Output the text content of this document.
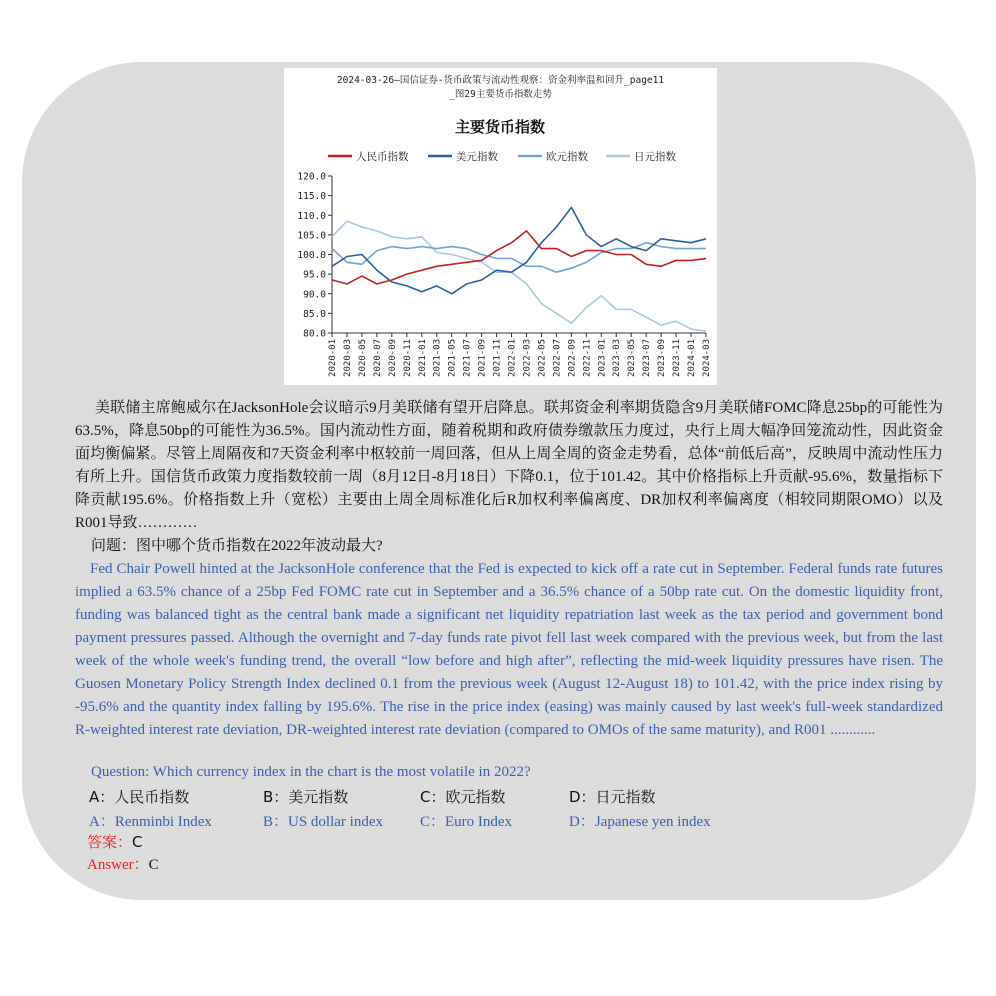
2024-03-26—国信证券-货币政策与流动性观察：资金利率温和回升_page11
_图29主要货币指数走势
主要货币指数
人民币指数	美元指数	欧元指数	日元指数
120.0
115.0
110.0
105.0
100.0
95.0
90.0
85.0
80.0
2020-01 2020-03 2020-05 2020-07 2020-09 2020-11 2021-01 2021-03 2021-05 2021-07 2021-09 2021-11 2022-01 2022-03 2022-05 2022-07 2022-09 2022-11 2023-01 2023-03 2023-05 2023-07 2023-09 2023-11 2024-01 2024-03
美联储主席鲍威尔在JacksonHole会议暗示9月美联储有望开启降息。联邦资金利率期货隐含9月美联储FOMC降息25bp的可能性为63.5%，降息50bp的可能性为36.5%。国内流动性方面，随着税期和政府债券缴款压力度过，央行上周大幅净回笼流动性，因此资金面均衡偏紧。尽管上周隔夜和7天资金利率中枢较前一周回落，但从上周全周的资金走势看，总体“前低后高”，反映周中流动性压力有所上升。国信货币政策力度指数较前一周（8月12日-8月18日）下降0.1，位于101.42。其中价格指标上升贡献-95.6%，数量指标下降贡献195.6%。价格指数上升（宽松）主要由上周全周标准化后R加权利率偏离度、DR加权利率偏离度（相较同期限OMO）以及R001导致…………
问题：图中哪个货币指数在2022年波动最大?
Fed Chair Powell hinted at the JacksonHole conference that the Fed is expected to kick off a rate cut in September. Federal funds rate futures implied a 63.5% chance of a 25bp Fed FOMC rate cut in September and a 36.5% chance of a 50bp rate cut. On the domestic liquidity front, funding was balanced tight as the central bank made a significant net liquidity repatriation last week as the tax period and government bond payment pressures passed. Although the overnight and 7-day funds rate pivot fell last week compared with the previous week, but from the last week of the whole week's funding trend, the overall “low before and high after”, reflecting the mid-week liquidity pressures have risen. The Guosen Monetary Policy Strength Index declined 0.1 from the previous week (August 12-August 18) to 101.42, with the price index rising by -95.6% and the quantity index falling by 195.6%. The rise in the price index (easing) was mainly caused by last week's full-week standardized R-weighted interest rate deviation, DR-weighted interest rate deviation (compared to OMOs of the same maturity), and R001 ............
Question: Which currency index in the chart is the most volatile in 2022?
A：人民币指数	B：美元指数	C：欧元指数	D：日元指数
A：Renminbi Index	B：US dollar index C：Euro Index	D：Japanese yen index
答案：C
Answer：C
